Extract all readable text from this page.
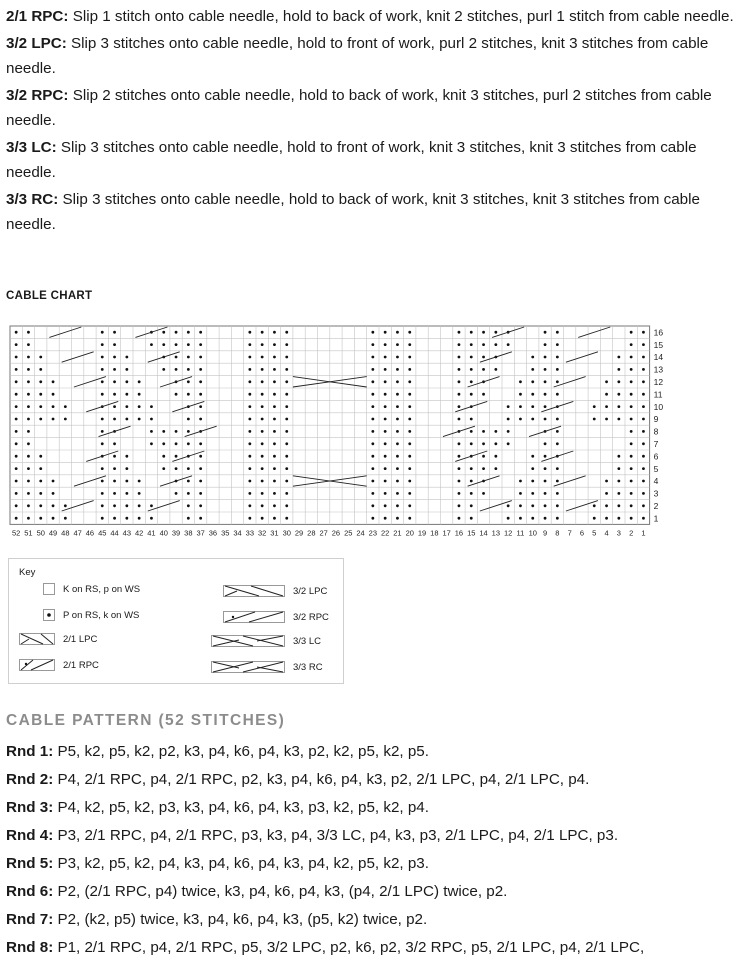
2/1 RPC: Slip 1 stitch onto cable needle, hold to back of work, knit 2 stitches, purl 1 stitch from cable needle.
3/2 LPC: Slip 3 stitches onto cable needle, hold to front of work, purl 2 stitches, knit 3 stitches from cable needle.
3/2 RPC: Slip 2 stitches onto cable needle, hold to back of work, knit 3 stitches, purl 2 stitches from cable needle.
3/3 LC: Slip 3 stitches onto cable needle, hold to front of work, knit 3 stitches, knit 3 stitches from cable needle.
3/3 RC: Slip 3 stitches onto cable needle, hold to back of work, knit 3 stitches, knit 3 stitches from cable needle.
CABLE CHART
16
15
14
13
12
11
10
9
8
7
6
5
4
3
2
1
52 51 50 49 48 47 46 45 44 43 42 41 40 39 38 37 36 35 34 33 32 31 30 29 28 27 26 25 24 23 22 21 20 19 18 17 16 15 14 13 12 11 10 9 8 7 6 5 4 3 2 1
Key
K on RS, p on WS
P on RS, k on WS
2/1 LPC
2/1 RPC
3/2 LPC
3/2 RPC
3/3 LC
3/3 RC
CABLE PATTERN (52 STITCHES)
Rnd 1: P5, k2, p5, k2, p2, k3, p4, k6, p4, k3, p2, k2, p5, k2, p5.
Rnd 2: P4, 2/1 RPC, p4, 2/1 RPC, p2, k3, p4, k6, p4, k3, p2, 2/1 LPC, p4, 2/1 LPC, p4.
Rnd 3: P4, k2, p5, k2, p3, k3, p4, k6, p4, k3, p3, k2, p5, k2, p4.
Rnd 4: P3, 2/1 RPC, p4, 2/1 RPC, p3, k3, p4, 3/3 LC, p4, k3, p3, 2/1 LPC, p4, 2/1 LPC, p3.
Rnd 5: P3, k2, p5, k2, p4, k3, p4, k6, p4, k3, p4, k2, p5, k2, p3.
Rnd 6: P2, (2/1 RPC, p4) twice, k3, p4, k6, p4, k3, (p4, 2/1 LPC) twice, p2.
Rnd 7: P2, (k2, p5) twice, k3, p4, k6, p4, k3, (p5, k2) twice, p2.
Rnd 8: P1, 2/1 RPC, p4, 2/1 RPC, p5, 3/2 LPC, p2, k6, p2, 3/2 RPC, p5, 2/1 LPC, p4, 2/1 LPC,
